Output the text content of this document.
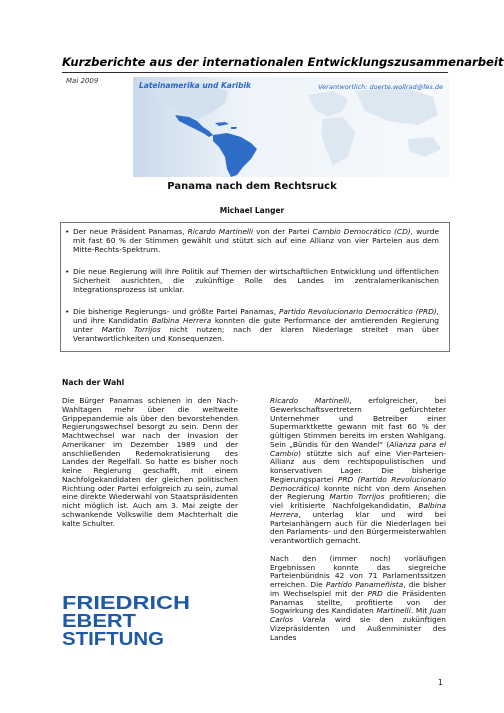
Kurzberichte aus der internationalen Entwicklungszusammenarbeit
Mai 2009	Lateinamerika und Karibik	Verantwortlich: doerte.wollrad@fes.de
Panama nach dem Rechtsruck
Michael Langer
• Der neue Präsident Panamas, Ricardo Martinelli von der Partei Cambio Democrático (CD), wurde mit fast 60 % der Stimmen gewählt und stützt sich auf eine Allianz von vier Parteien aus dem Mitte-Rechts-Spektrum.
• Die neue Regierung will ihre Politik auf Themen der wirtschaftlichen Entwicklung und öffentlichen Sicherheit ausrichten, die zukünftige Rolle des Landes im zentralamerikanischen Integrationsprozess ist unklar.
• Die bisherige Regierungs- und größte Partei Panamas, Partido Revolucionario Democrático (PRD), und ihre Kandidatin Balbina Herrera konnten die gute Performance der amtierenden Regierung unter Martin Torrijos nicht nutzen; nach der klaren Niederlage streitet man über Verantwortlichkeiten und Konsequenzen.
Nach der Wahl

Die Bürger Panamas schienen in den Nach-Wahltagen mehr über die weltweite Grippepandemie als über den bevorstehenden Regierungswechsel besorgt zu sein. Denn der Machtwechsel war nach der Invasion der Amerikaner im Dezember 1989 und der anschließenden Redemokratisierung des Landes der Regelfall. So hatte es bisher noch keine Regierung geschafft, mit einem Nachfolgekandidaten der gleichen politischen Richtung oder Partei erfolgreich zu sein, zumal eine direkte Wiederwahl von Staatspräsidenten nicht möglich ist. Auch am 3. Mai zeigte der schwankende Volkswille dem Machterhalt die kalte Schulter.

Ricardo Martinelli, erfolgreicher, bei Gewerkschaftsvertretern gefürchteter Unternehmer und Betreiber einer Supermarktkette gewann mit fast 60 % der gültigen Stimmen bereits im ersten Wahlgang. Sein „Bündis für den Wandel“ (Alianza para el Cambio) stützte sich auf eine Vier-Parteien-Allianz aus dem rechtspopulistischen und konservativen Lager. Die bisherige Regierungspartei PRD (Partido Revolucionario Democrático) konnte nicht von dem Ansehen der Regierung Martin Torrijos profitieren; die viel kritisierte Nachfolgekandidatin, Balbina Herrera, unterlag klar und wird bei Parteianhängern auch für die Niederlagen bei den Parlaments- und den Bürgermeisterwahlen verantwortlich gemacht.

Nach den (immer noch) vorläufigen Ergebnissen konnte das siegreiche Parteienbündnis 42 von 71 Parlamentssitzen erreichen. Die Partido Panameñista, die bisher im Wechselspiel mit der PRD die Präsidenten Panamas stellte, profitierte von der Sogwirkung des Kandidaten Martinelli. Mit Juan Carlos Varela wird sie den zukünftigen Vizepräsidenten und Außenminister des Landes

FRIEDRICH
EBERT
STIFTUNG
1
